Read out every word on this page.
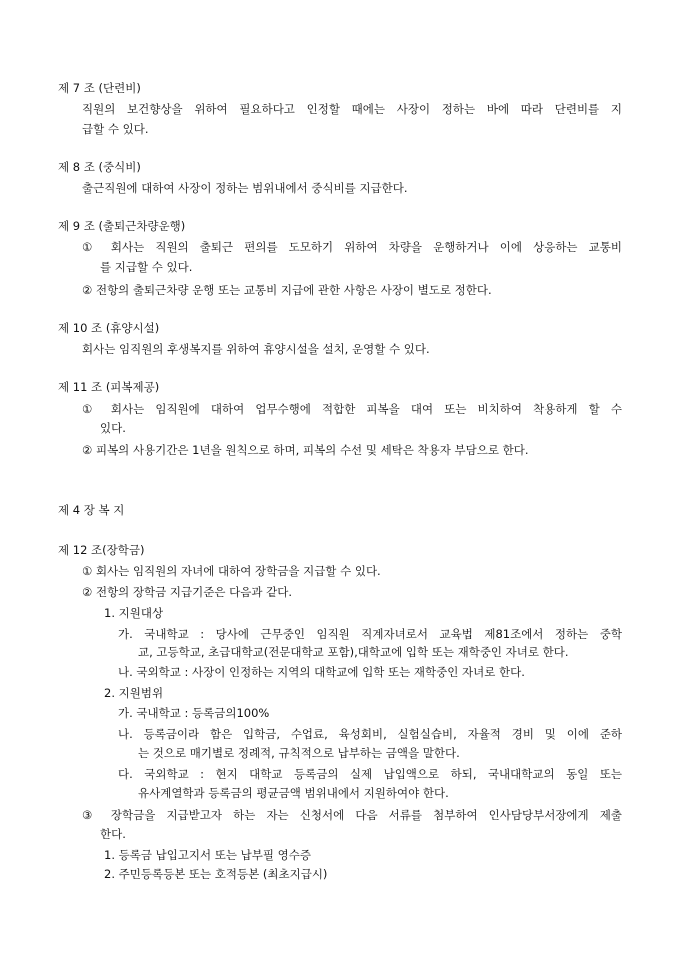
제 7 조 (단련비)
직원의 보건향상을 위하여 필요하다고 인정할 때에는 사장이 정하는 바에 따라 단련비를 지
급할 수 있다.
제 8 조 (중식비)
출근직원에 대하여 사장이 정하는 범위내에서 중식비를 지급한다.
제 9 조 (출퇴근차량운행)
① 회사는 직원의 출퇴근 편의를 도모하기 위하여 차량을 운행하거나 이에 상응하는 교통비
를 지급할 수 있다.
② 전항의 출퇴근차량 운행 또는 교통비 지급에 관한 사항은 사장이 별도로 정한다.
제 10 조 (휴양시설)
회사는 임직원의 후생복지를 위하여 휴양시설을 설치, 운영할 수 있다.
제 11 조 (피복제공)
① 회사는 임직원에 대하여 업무수행에 적합한 피복을 대여 또는 비치하여 착용하게 할 수
있다.
② 피복의 사용기간은 1년을 원칙으로 하며, 피복의 수선 및 세탁은 착용자 부담으로 한다.
제 4 장 복 지
제 12 조(장학금)
① 회사는 임직원의 자녀에 대하여 장학금을 지급할 수 있다.
② 전항의 장학금 지급기준은 다음과 같다.
1. 지원대상
가. 국내학교 : 당사에 근무중인 임직원 직계자녀로서 교육법 제81조에서 정하는 중학
교, 고등학교, 초급대학교(전문대학교 포함),대학교에 입학 또는 재학중인 자녀로 한다.
나. 국외학교 : 사장이 인정하는 지역의 대학교에 입학 또는 재학중인 자녀로 한다.
2. 지원범위
가. 국내학교 : 등록금의100%
나. 등록금이라 함은 입학금, 수업료, 육성회비, 실험실습비, 자율적 경비 및 이에 준하
는 것으로 매기별로 정례적, 규칙적으로 납부하는 금액을 말한다.
다. 국외학교 : 현지 대학교 등록금의 실제 납입액으로 하되, 국내대학교의 동일 또는
유사계열학과 등록금의 평균금액 범위내에서 지원하여야 한다.
③ 장학금을 지급받고자 하는 자는 신청서에 다음 서류를 첨부하여 인사담당부서장에게 제출
한다.
1. 등록금 납입고지서 또는 납부필 영수증
2. 주민등록등본 또는 호적등본 (최초지급시)
